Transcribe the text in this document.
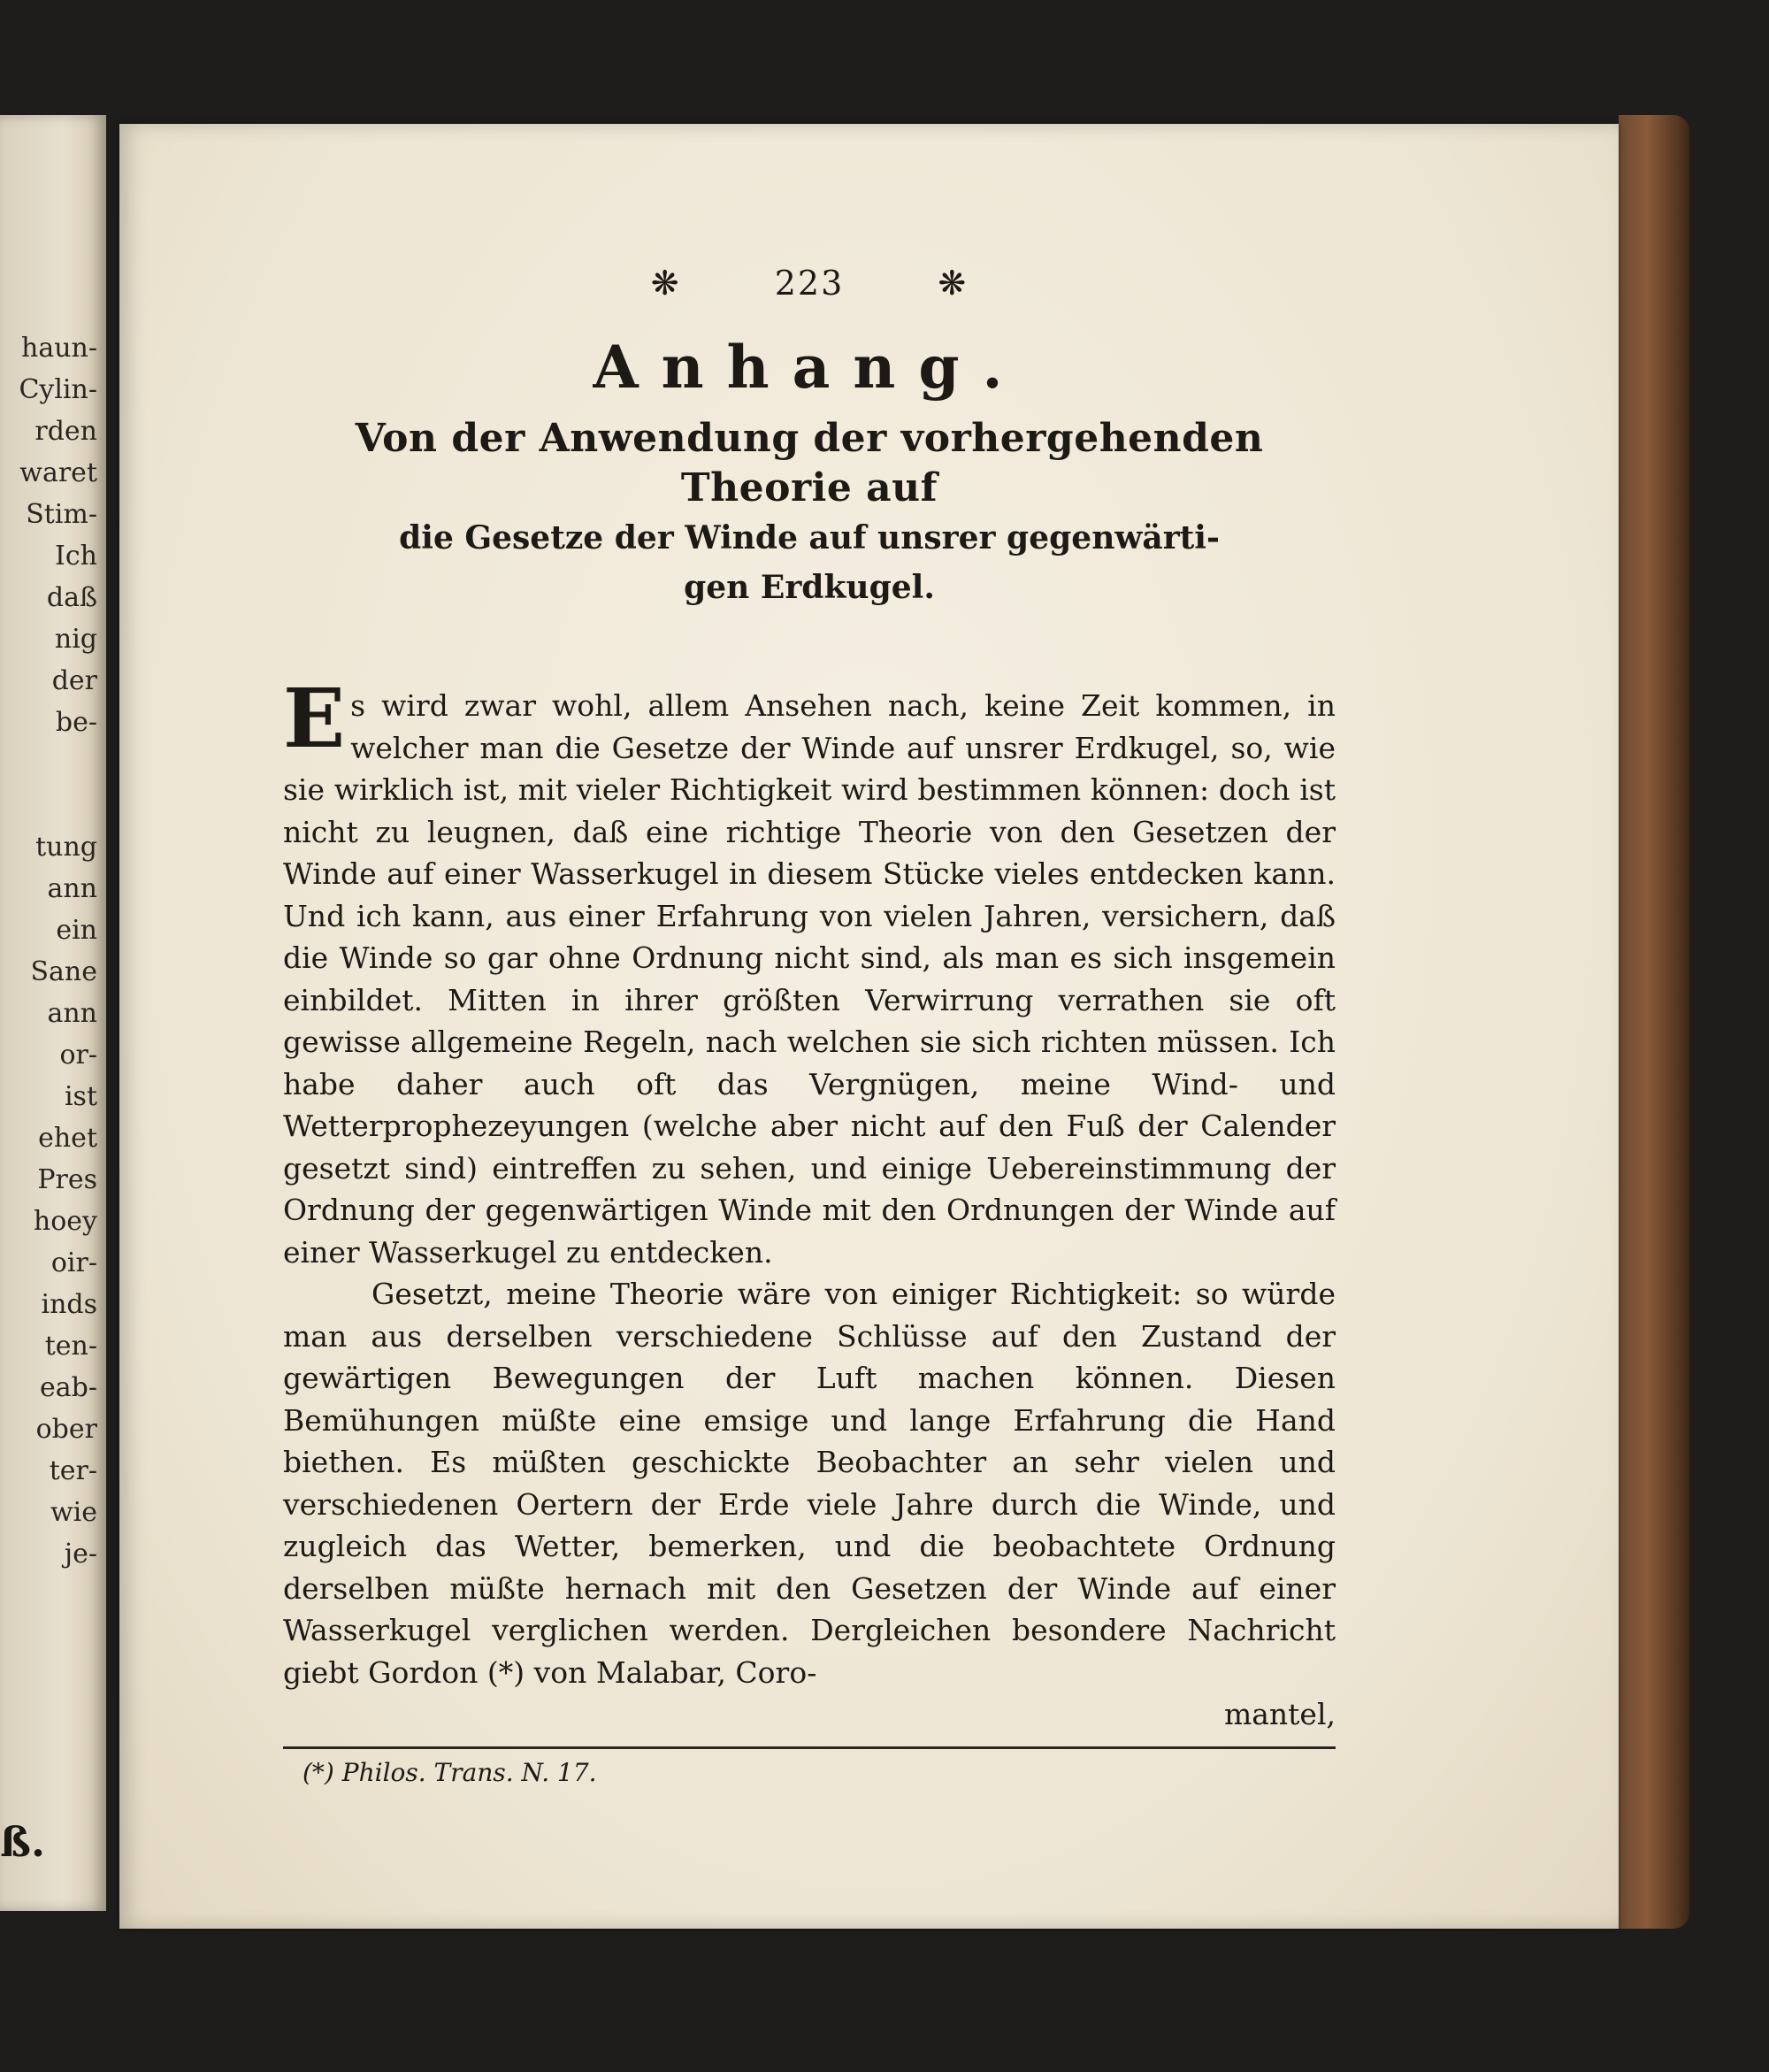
haun-
Cylin-
rden
waret
Stim-
Ich
daß
nig
der
be-
tung
ann
ein
Sane
ann
or-
ist
ehet
Pres
hoey
oir-
inds
ten-
eab-
ober
ter-
wie
je-
ß.
❋	223	❋
Anhang.
Von der Anwendung der vorhergehenden Theorie auf
die Gesetze der Winde auf unsrer gegenwärti-
gen Erdkugel.

Es wird zwar wohl, allem Ansehen nach, keine Zeit kommen, in welcher man die Gesetze der Winde auf unsrer Erdkugel, so, wie sie wirklich ist, mit vieler Richtigkeit wird bestimmen können: doch ist nicht zu leugnen, daß eine richtige Theorie von den Gesetzen der Winde auf einer Wasserkugel in diesem Stücke vieles entdecken kann. Und ich kann, aus einer Erfahrung von vielen Jahren, versichern, daß die Winde so gar ohne Ordnung nicht sind, als man es sich insgemein einbildet. Mitten in ihrer größten Verwirrung verrathen sie oft gewisse allgemeine Regeln, nach welchen sie sich richten müssen. Ich habe daher auch oft das Vergnügen, meine Wind- und Wetterprophezeyungen (welche aber nicht auf den Fuß der Calender gesetzt sind) eintreffen zu sehen, und einige Uebereinstimmung der Ordnung der gegenwärtigen Winde mit den Ordnungen der Winde auf einer Wasserkugel zu entdecken.

Gesetzt, meine Theorie wäre von einiger Richtigkeit: so würde man aus derselben verschiedene Schlüsse auf den Zustand der gewärtigen Bewegungen der Luft machen können. Diesen Bemühungen müßte eine emsige und lange Erfahrung die Hand biethen. Es müßten geschickte Beobachter an sehr vielen und verschiedenen Oertern der Erde viele Jahre durch die Winde, und zugleich das Wetter, bemerken, und die beobachtete Ordnung derselben müßte hernach mit den Gesetzen der Winde auf einer Wasserkugel verglichen werden. Dergleichen besondere Nachricht giebt Gordon (*) von Malabar, Coro-

mantel,

(*) Philos. Trans. N. 17.
